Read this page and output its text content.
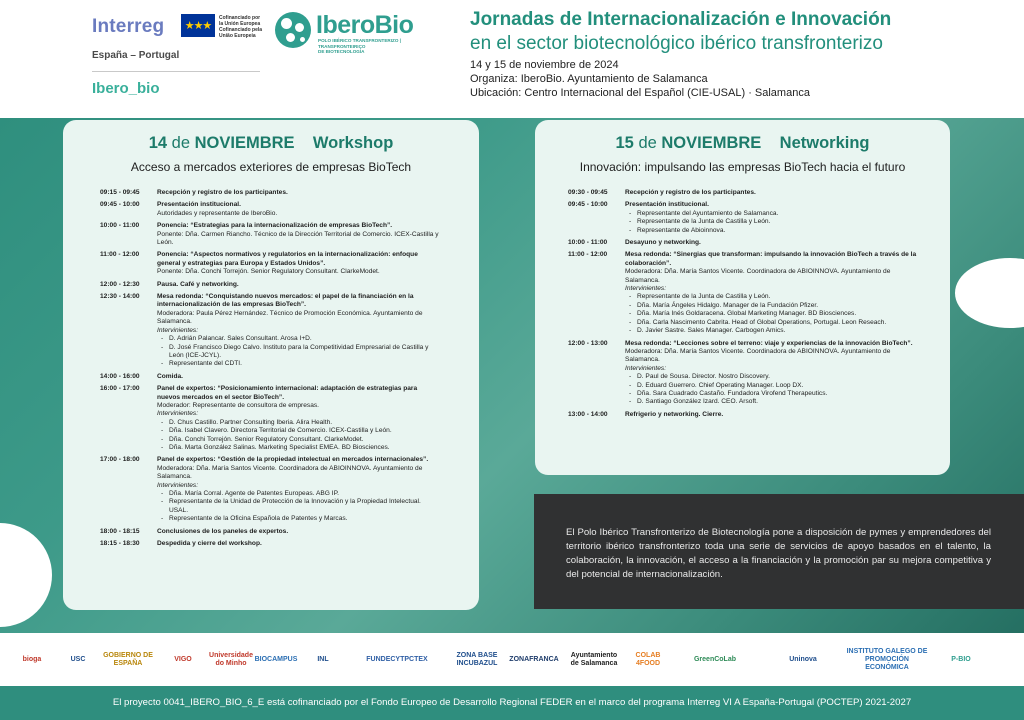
Interreg ★★★
Cofinanciado por
la Unión Europea
Cofinanciado pela
União Europeia
España – Portugal
Ibero_bio
IberoBio
POLO IBÉRICO TRANSFRONTERIZO | TRANSFRONTEIRIÇO
DE BIOTECNOLOGÍA
Jornadas de Internacionalización e Innovación
en el sector biotecnológico ibérico transfronterizo
14 y 15 de noviembre de 2024
Organiza: IberoBio. Ayuntamiento de Salamanca
Ubicación: Centro Internacional del Español (CIE-USAL) · Salamanca
14 de NOVIEMBRE Workshop
Acceso a mercados exteriores de empresas BioTech
09:15 - 09:45	Recepción y registro de los participantes.
09:45 - 10:00	Presentación institucional.
Autoridades y representante de IberoBio.
10:00 - 11:00	Ponencia: “Estrategias para la internacionalización de empresas BioTech”.
Ponente: Dña. Carmen Riancho. Técnico de la Dirección Territorial de Comercio. ICEX-Castilla y León.
11:00 - 12:00	Ponencia: “Aspectos normativos y regulatorios en la internacionalización: enfoque general y estrategias para Europa y Estados Unidos”.
Ponente: Dña. Conchi Torrejón. Senior Regulatory Consultant. ClarkeModet.
12:00 - 12:30	Pausa. Café y networking.
12:30 - 14:00	Mesa redonda: “Conquistando nuevos mercados: el papel de la financiación en la internacionalización de las empresas BioTech”.
Moderadora: Paula Pérez Hernández. Técnico de Promoción Económica. Ayuntamiento de Salamanca.
Intervinientes:
- D. Adrián Palancar. Sales Consultant. Arosa I+D.
- D. José Francisco Diego Calvo. Instituto para la Competitividad Empresarial de Castilla y León (ICE-JCYL).
- Representante del CDTI.
14:00 - 16:00	Comida.
16:00 - 17:00	Panel de expertos: “Posicionamiento internacional: adaptación de estrategias para nuevos mercados en el sector BioTech”.
Moderador: Representante de consultora de empresas.
Intervinientes:
- D. Chus Castillo. Partner Consulting Iberia. Alira Health.
- Dña. Isabel Clavero. Directora Territorial de Comercio. ICEX-Castilla y León.
- Dña. Conchi Torrejón. Senior Regulatory Consultant. ClarkeModet.
- Dña. Marta González Salinas. Marketing Specialist EMEA. BD Biosciences.
17:00 - 18:00	Panel de expertos: “Gestión de la propiedad intelectual en mercados internacionales”.
Moderadora: Dña. María Santos Vicente. Coordinadora de ABIOINNOVA. Ayuntamiento de Salamanca.
Intervinientes:
- Dña. María Corral. Agente de Patentes Europeas. ABG IP.
- Representante de la Unidad de Protección de la Innovación y la Propiedad Intelectual. USAL.
- Representante de la Oficina Española de Patentes y Marcas.
18:00 - 18:15	Conclusiones de los paneles de expertos.
18:15 - 18:30	Despedida y cierre del workshop.
15 de NOVIEMBRE Networking
Innovación: impulsando las empresas BioTech hacia el futuro
09:30 - 09:45	Recepción y registro de los participantes.
09:45 - 10:00	Presentación institucional.
- Representante del Ayuntamiento de Salamanca.
- Representante de la Junta de Castilla y León.
- Representante de Abioinnova.
10:00 - 11:00	Desayuno y networking.
11:00 - 12:00	Mesa redonda: “Sinergias que transforman: impulsando la innovación BioTech a través de la colaboración”.
Moderadora: Dña. María Santos Vicente. Coordinadora de ABIOINNOVA. Ayuntamiento de Salamanca.
Intervinientes:
- Representante de la Junta de Castilla y León.
- Dña. María Ángeles Hidalgo. Manager de la Fundación Pfizer.
- Dña. María Inés Goldaracena. Global Marketing Manager. BD Biosciences.
- Dña. Carla Nascimento Cabrita. Head of Global Operations, Portugal. Leon Reseach.
- D. Javier Sastre. Sales Manager. Carbogen Amics.
12:00 - 13:00	Mesa redonda: “Lecciones sobre el terreno: viaje y experiencias de la innovación BioTech”.
Moderadora: Dña. María Santos Vicente. Coordinadora de ABIOINNOVA. Ayuntamiento de Salamanca.
Intervinientes:
- D. Paul de Sousa. Director. Nostro Discovery.
- D. Eduard Guerrero. Chief Operating Manager. Loop DX.
- Dña. Sara Cuadrado Castaño. Fundadora Virofend Therapeutics.
- D. Santiago González Izard. CEO. Arsoft.
13:00 - 14:00	Refrigerio y networking. Cierre.

El Polo Ibérico Transfronterizo de Biotecnología pone a disposición de pymes y emprendedores del territorio ibérico transfronterizo toda una serie de servicios de apoyo basados en el talento, la colaboración, la innovación, el acceso a la financiación y la promoción par su mejora competitiva y del potencial de internacionalización.

bioga	USC
GOBIERNO DE ESPAÑA
VIGO
Universidade do Minho
BIOCAMPUS	INL	FUNDECYTPCTEX
ZONA BASE INCUBAZUL
ZONAFRANCA
Ayuntamiento de Salamanca
COLAB 4FOOD
GreenCoLab	Uninova
INSTITUTO GALEGO DE PROMOCIÓN ECONÓMICA
P-BIO
El proyecto 0041_IBERO_BIO_6_E está cofinanciado por el Fondo Europeo de Desarrollo Regional FEDER en el marco del programa Interreg VI A España-Portugal (POCTEP) 2021-2027
